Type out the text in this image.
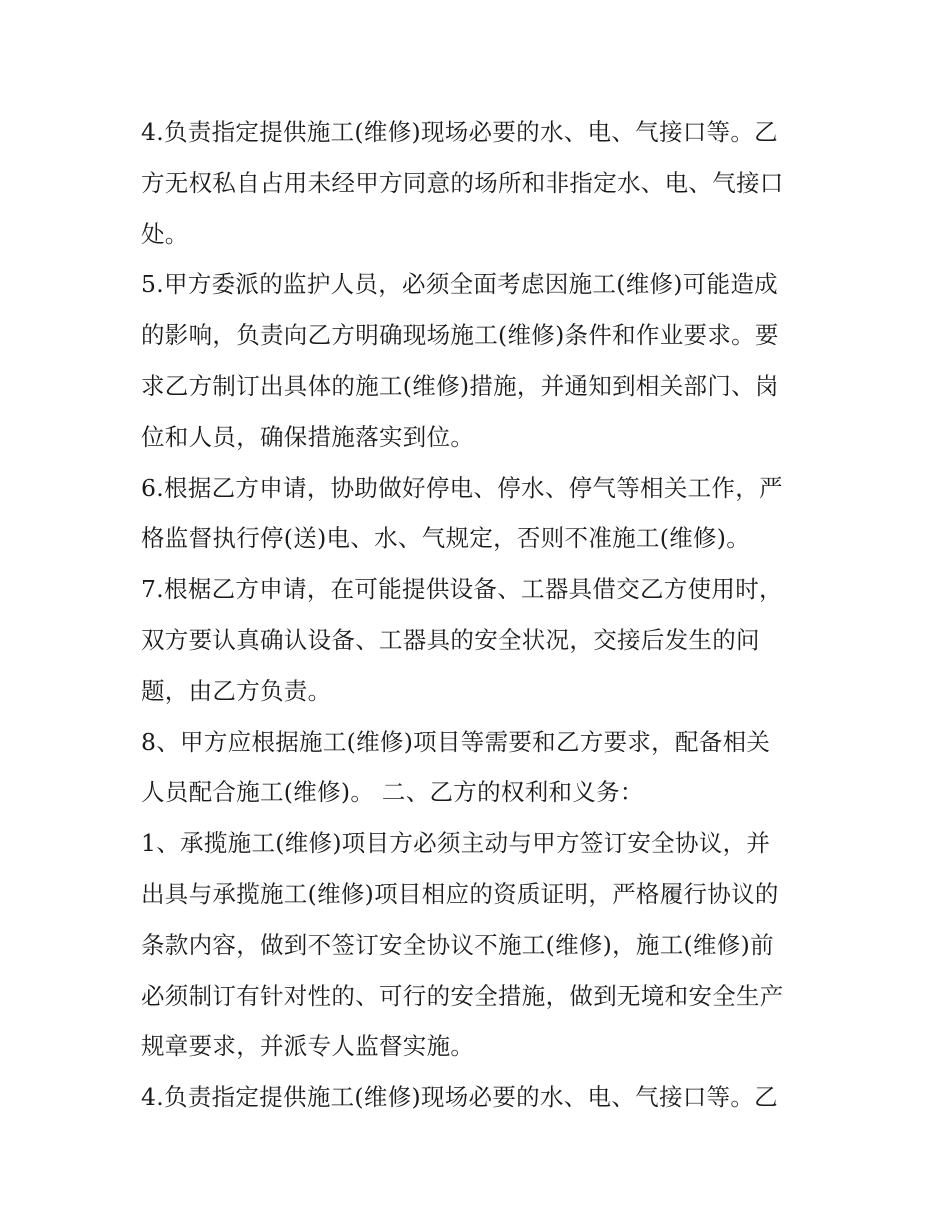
4.负责指定提供施工(维修)现场必要的水、电、气接口等。乙
方无权私自占用未经甲方同意的场所和非指定水、电、气接口
处。
5.甲方委派的监护人员，必须全面考虑因施工(维修)可能造成
的影响，负责向乙方明确现场施工(维修)条件和作业要求。要
求乙方制订出具体的施工(维修)措施，并通知到相关部门、岗
位和人员，确保措施落实到位。
6.根据乙方申请，协助做好停电、停水、停气等相关工作，严
格监督执行停(送)电、水、气规定，否则不准施工(维修)。
7.根椐乙方申请，在可能提供设备、工器具借交乙方使用时，
双方要认真确认设备、工器具的安全状况，交接后发生的问
题，由乙方负责。
8、甲方应根据施工(维修)项目等需要和乙方要求，配备相关
人员配合施工(维修)。 二、乙方的权利和义务：
1、承揽施工(维修)项目方必须主动与甲方签订安全协议，并
出具与承揽施工(维修)项目相应的资质证明，严格履行协议的
条款内容，做到不签订安全协议不施工(维修)，施工(维修)前
必须制订有针对性的、可行的安全措施，做到无境和安全生产
规章要求，并派专人监督实施。
4.负责指定提供施工(维修)现场必要的水、电、气接口等。乙
